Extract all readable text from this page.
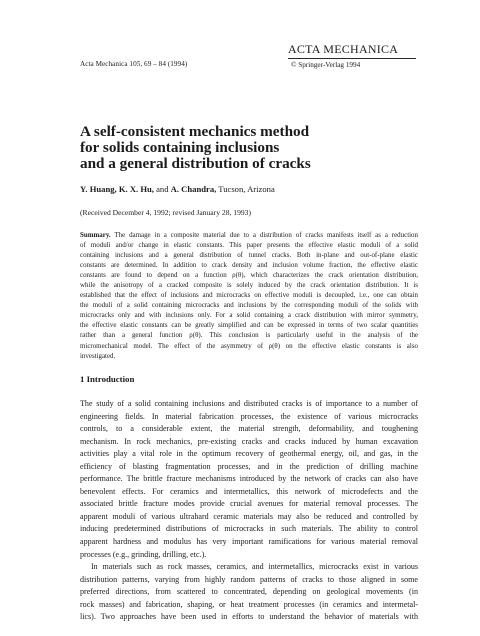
Acta Mechanica 105, 69 – 84 (1994)
ACTA MECHANICA
© Springer-Verlag 1994
A self-consistent mechanics method
for solids containing inclusions
and a general distribution of cracks
Y. Huang, K. X. Hu, and A. Chandra, Tucson, Arizona
(Received December 4, 1992; revised January 28, 1993)
Summary. The damage in a composite material due to a distribution of cracks manifests itself as a reduction
of moduli and/or change in elastic constants. This paper presents the effective elastic moduli of a solid
containing inclusions and a general distribution of tunnel cracks. Both in-plane and out-of-plane elastic
constants are determined. In addition to crack density and inclusion volume fraction, the effective elastic
constants are found to depend on a function ρ(θ), which characterizes the crack orientation distribution,
while the anisotropy of a cracked composite is solely induced by the crack orientation distribution. It is
established that the effect of inclusions and microcracks on effective moduli is decoupled, i.e., one can obtain
the moduli of a solid containing microcracks and inclusions by the corresponding moduli of the solids with
microcracks only and with inclusions only. For a solid containing a crack distribution with mirror symmetry,
the effective elastic constants can be greatly simplified and can be expressed in terms of two scalar quantities
rather than a general function ρ(θ). This conclusion is particularly useful in the analysis of the
micromechanical model. The effect of the asymmetry of ρ(θ) on the effective elastic constants is also
investigated.
1 Introduction
The study of a solid containing inclusions and distributed cracks is of importance to a number of
engineering fields. In material fabrication processes, the existence of various microcracks
controls, to a considerable extent, the material strength, deformability, and toughening
mechanism. In rock mechanics, pre-existing cracks and cracks induced by human excavation
activities play a vital role in the optimum recovery of geothermal energy, oil, and gas, in the
efficiency of blasting fragmentation processes, and in the prediction of drilling machine
performance. The brittle fracture mechanisms introduced by the network of cracks can also have
benevolent effects. For ceramics and intermetallics, this network of microdefects and the
associated brittle fracture modes provide crucial avenues for material removal processes. The
apparent moduli of various ultrahard ceramic materials may also be reduced and controlled by
inducing predetermined distributions of microcracks in such materials. The ability to control
apparent hardness and modulus has very important ramifications for various material removal
processes (e.g., grinding, drilling, etc.).
In materials such as rock masses, ceramics, and intermetallics, microcracks exist in various
distribution patterns, varying from highly random patterns of cracks to those aligned in some
preferred directions, from scattered to concentrated, depending on geological movements (in
rock masses) and fabrication, shaping, or heat treatment processes (in ceramics and intermetal-
lics). Two approaches have been used in efforts to understand the behavior of materials with
